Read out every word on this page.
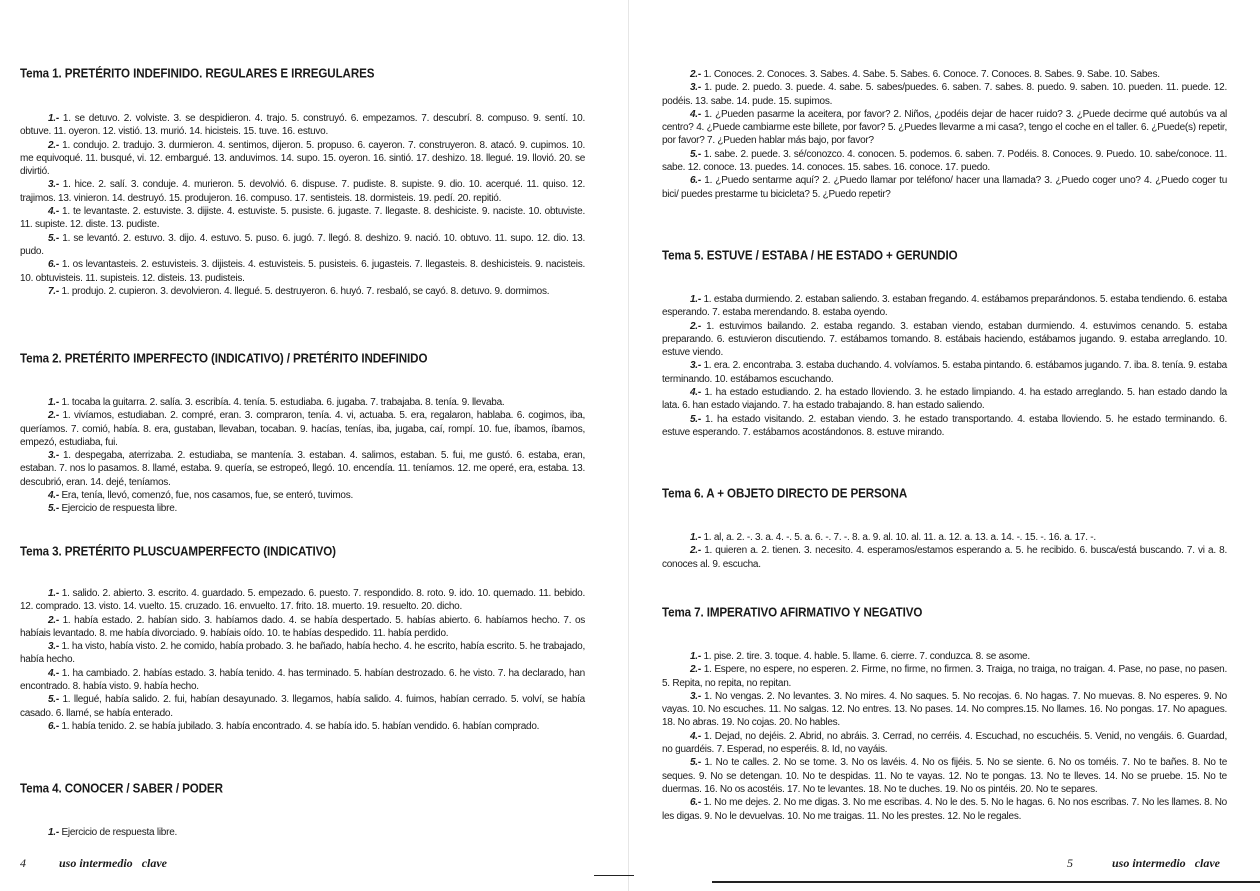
Tema 1. PRETÉRITO INDEFINIDO. REGULARES E IRREGULARES

1.- 1. se detuvo. 2. volviste. 3. se despidieron. 4. trajo. 5. construyó. 6. empezamos. 7. descubrí. 8. compuso. 9. sentí. 10. obtuve. 11. oyeron. 12. vistió. 13. murió. 14. hicisteis. 15. tuve. 16. estuvo.

2.- 1. condujo. 2. tradujo. 3. durmieron. 4. sentimos, dijeron. 5. propuso. 6. cayeron. 7. construyeron. 8. atacó. 9. cupimos. 10. me equivoqué. 11. busqué, vi. 12. embargué. 13. anduvimos. 14. supo. 15. oyeron. 16. sintió. 17. deshizo. 18. llegué. 19. llovió. 20. se divirtió.

3.- 1. hice. 2. salí. 3. conduje. 4. murieron. 5. devolvió. 6. dispuse. 7. pudiste. 8. supiste. 9. dio. 10. acerqué. 11. quiso. 12. trajimos. 13. vinieron. 14. destruyó. 15. produjeron. 16. compuso. 17. sentisteis. 18. dormisteis. 19. pedí. 20. repitió.

4.- 1. te levantaste. 2. estuviste. 3. dijiste. 4. estuviste. 5. pusiste. 6. jugaste. 7. llegaste. 8. deshiciste. 9. naciste. 10. obtuviste. 11. supiste. 12. diste. 13. pudiste.

5.- 1. se levantó. 2. estuvo. 3. dijo. 4. estuvo. 5. puso. 6. jugó. 7. llegó. 8. deshizo. 9. nació. 10. obtuvo. 11. supo. 12. dio. 13. pudo.

6.- 1. os levantasteis. 2. estuvisteis. 3. dijisteis. 4. estuvisteis. 5. pusisteis. 6. jugasteis. 7. llegasteis. 8. deshicisteis. 9. nacisteis. 10. obtuvisteis. 11. supisteis. 12. disteis. 13. pudisteis.

7.- 1. produjo. 2. cupieron. 3. devolvieron. 4. llegué. 5. destruyeron. 6. huyó. 7. resbaló, se cayó. 8. detuvo. 9. dormimos.

Tema 2. PRETÉRITO IMPERFECTO (INDICATIVO) / PRETÉRITO INDEFINIDO

1.- 1. tocaba la guitarra. 2. salía. 3. escribía. 4. tenía. 5. estudiaba. 6. jugaba. 7. trabajaba. 8. tenía. 9. llevaba.

2.- 1. vivíamos, estudiaban. 2. compré, eran. 3. compraron, tenía. 4. vi, actuaba. 5. era, regalaron, hablaba. 6. cogimos, iba, queríamos. 7. comió, había. 8. era, gustaban, llevaban, tocaban. 9. hacías, tenías, iba, jugaba, caí, rompí. 10. fue, íbamos, íbamos, empezó, estudiaba, fui.

3.- 1. despegaba, aterrizaba. 2. estudiaba, se mantenía. 3. estaban. 4. salimos, estaban. 5. fui, me gustó. 6. estaba, eran, estaban. 7. nos lo pasamos. 8. llamé, estaba. 9. quería, se estropeó, llegó. 10. encendía. 11. teníamos. 12. me operé, era, estaba. 13. descubrió, eran. 14. dejé, teníamos.

4.- Era, tenía, llevó, comenzó, fue, nos casamos, fue, se enteró, tuvimos.

5.- Ejercicio de respuesta libre.

Tema 3. PRETÉRITO PLUSCUAMPERFECTO (INDICATIVO)

1.- 1. salido. 2. abierto. 3. escrito. 4. guardado. 5. empezado. 6. puesto. 7. respondido. 8. roto. 9. ido. 10. quemado. 11. bebido. 12. comprado. 13. visto. 14. vuelto. 15. cruzado. 16. envuelto. 17. frito. 18. muerto. 19. resuelto. 20. dicho.

2.- 1. había estado. 2. habían sido. 3. habíamos dado. 4. se había despertado. 5. habías abierto. 6. habíamos hecho. 7. os habíais levantado. 8. me había divorciado. 9. habíais oído. 10. te habías despedido. 11. había perdido.

3.- 1. ha visto, había visto. 2. he comido, había probado. 3. he bañado, había hecho. 4. he escrito, había escrito. 5. he trabajado, había hecho.

4.- 1. ha cambiado. 2. habías estado. 3. había tenido. 4. has terminado. 5. habían destrozado. 6. he visto. 7. ha declarado, han encontrado. 8. había visto. 9. había hecho.

5.- 1. llegué, había salido. 2. fui, habían desayunado. 3. llegamos, había salido. 4. fuimos, habían cerrado. 5. volví, se había casado. 6. llamé, se había enterado.

6.- 1. había tenido. 2. se había jubilado. 3. había encontrado. 4. se había ido. 5. habían vendido. 6. habían comprado.

Tema 4. CONOCER / SABER / PODER

1.- Ejercicio de respuesta libre.

4	uso intermedio clave

2.- 1. Conoces. 2. Conoces. 3. Sabes. 4. Sabe. 5. Sabes. 6. Conoce. 7. Conoces. 8. Sabes. 9. Sabe. 10. Sabes.

3.- 1. pude. 2. puedo. 3. puede. 4. sabe. 5. sabes/puedes. 6. saben. 7. sabes. 8. puedo. 9. saben. 10. pueden. 11. puede. 12. podéis. 13. sabe. 14. pude. 15. supimos.

4.- 1. ¿Pueden pasarme la aceitera, por favor? 2. Niños, ¿podéis dejar de hacer ruido? 3. ¿Puede decirme qué autobús va al centro? 4. ¿Puede cambiarme este billete, por favor? 5. ¿Puedes llevarme a mi casa?, tengo el coche en el taller. 6. ¿Puede(s) repetir, por favor? 7. ¿Pueden hablar más bajo, por favor?

5.- 1. sabe. 2. puede. 3. sé/conozco. 4. conocen. 5. podemos. 6. saben. 7. Podéis. 8. Conoces. 9. Puedo. 10. sabe/conoce. 11. sabe. 12. conoce. 13. puedes. 14. conoces. 15. sabes. 16. conoce. 17. puedo.

6.- 1. ¿Puedo sentarme aquí? 2. ¿Puedo llamar por teléfono/ hacer una llamada? 3. ¿Puedo coger uno? 4. ¿Puedo coger tu bici/ puedes prestarme tu bicicleta? 5. ¿Puedo repetir?

Tema 5. ESTUVE / ESTABA / HE ESTADO + GERUNDIO

1.- 1. estaba durmiendo. 2. estaban saliendo. 3. estaban fregando. 4. estábamos preparándonos. 5. estaba tendiendo. 6. estaba esperando. 7. estaba merendando. 8. estaba oyendo.

2.- 1. estuvimos bailando. 2. estaba regando. 3. estaban viendo, estaban durmiendo. 4. estuvimos cenando. 5. estaba preparando. 6. estuvieron discutiendo. 7. estábamos tomando. 8. estábais haciendo, estábamos jugando. 9. estaba arreglando. 10. estuve viendo.

3.- 1. era. 2. encontraba. 3. estaba duchando. 4. volvíamos. 5. estaba pintando. 6. estábamos jugando. 7. iba. 8. tenía. 9. estaba terminando. 10. estábamos escuchando.

4.- 1. ha estado estudiando. 2. ha estado lloviendo. 3. he estado limpiando. 4. ha estado arreglando. 5. han estado dando la lata. 6. han estado viajando. 7. ha estado trabajando. 8. han estado saliendo.

5.- 1. ha estado visitando. 2. estaban viendo. 3. he estado transportando. 4. estaba lloviendo. 5. he estado terminando. 6. estuve esperando. 7. estábamos acostándonos. 8. estuve mirando.

Tema 6. A + OBJETO DIRECTO DE PERSONA

1.- 1. al, a. 2. -. 3. a. 4. -. 5. a. 6. -. 7. -. 8. a. 9. al. 10. al. 11. a. 12. a. 13. a. 14. -. 15. -. 16. a. 17. -.

2.- 1. quieren a. 2. tienen. 3. necesito. 4. esperamos/estamos esperando a. 5. he recibido. 6. busca/está buscando. 7. vi a. 8. conoces al. 9. escucha.

Tema 7. IMPERATIVO AFIRMATIVO Y NEGATIVO

1.- 1. pise. 2. tire. 3. toque. 4. hable. 5. llame. 6. cierre. 7. conduzca. 8. se asome.

2.- 1. Espere, no espere, no esperen. 2. Firme, no firme, no firmen. 3. Traiga, no traiga, no traigan. 4. Pase, no pase, no pasen. 5. Repita, no repita, no repitan.

3.- 1. No vengas. 2. No levantes. 3. No mires. 4. No saques. 5. No recojas. 6. No hagas. 7. No muevas. 8. No esperes. 9. No vayas. 10. No escuches. 11. No salgas. 12. No entres. 13. No pases. 14. No compres.15. No llames. 16. No pongas. 17. No apagues. 18. No abras. 19. No cojas. 20. No hables.

4.- 1. Dejad, no dejéis. 2. Abrid, no abráis. 3. Cerrad, no cerréis. 4. Escuchad, no escuchéis. 5. Venid, no vengáis. 6. Guardad, no guardéis. 7. Esperad, no esperéis. 8. Id, no vayáis.

5.- 1. No te calles. 2. No se tome. 3. No os lavéis. 4. No os fijéis. 5. No se siente. 6. No os toméis. 7. No te bañes. 8. No te seques. 9. No se detengan. 10. No te despidas. 11. No te vayas. 12. No te pongas. 13. No te lleves. 14. No se pruebe. 15. No te duermas. 16. No os acostéis. 17. No te levantes. 18. No te duches. 19. No os pintéis. 20. No te separes.

6.- 1. No me dejes. 2. No me digas. 3. No me escribas. 4. No le des. 5. No le hagas. 6. No nos escribas. 7. No les llames. 8. No les digas. 9. No le devuelvas. 10. No me traigas. 11. No les prestes. 12. No le regales.

5	uso intermedio clave
